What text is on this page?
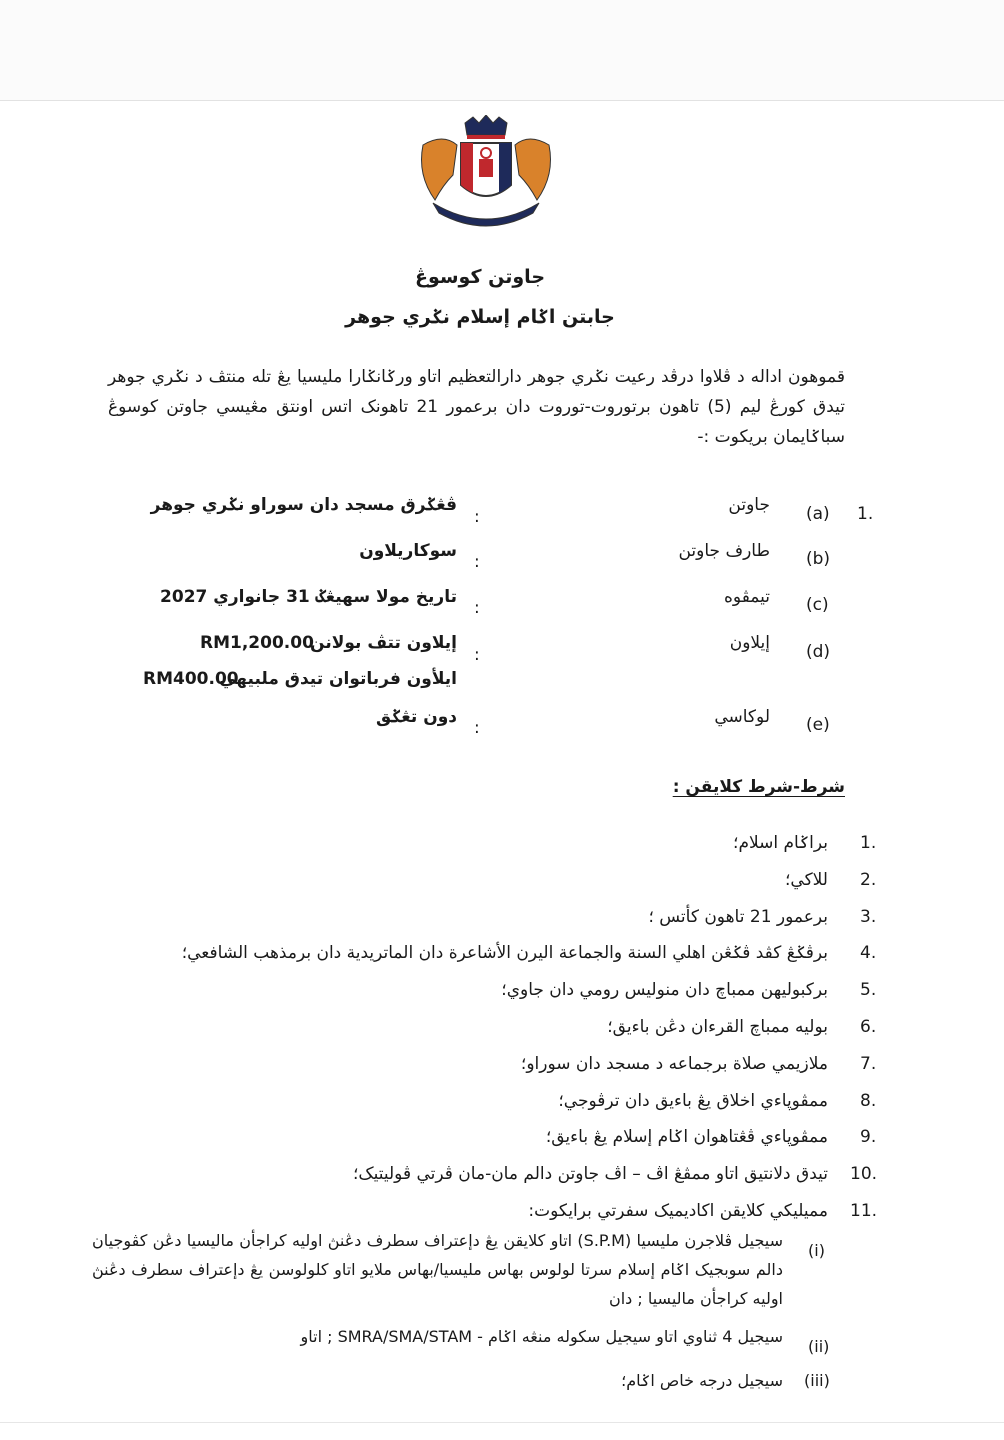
جاوتن کوسوڠ
جابتن اݢام إسلام نݢري جوهر
قموهون اداله د ڤلاوا درڤد رعيت نݢري جوهر دارالتعظيم اتاو ورݢانݢارا مليسيا يڠ تله منتڤ د نݢري جوهر تيدق کورڠ ليم (5) تاهون برتوروت-توروت دان برعمور 21 تاهونک اتس اونتق مڠيسي جاوتن کوسوڠ سباݢايمان بريکوت :-
1.
(a)
جاوتن
:
ڤڠݢرق مسجد دان سوراو نݢري جوهر
(b)
طارف جاوتن
:
سوکاريلاون
(c)
تيمڤوه
:
تاريخ مولا سهيڠݢ 31 جانواري 2027
(d)
إيلاون
:
إيلاون تتڤ بولانن
RM1,200.00
ايلأون فرباتوان تيدق ملبيهي
RM400.00
(e)
لوکاسي
:
دون تڠݢق
شرط-شرط کلايقن :
1.
براݢام اسلام؛
2.
للاکي؛
3.
برعمور 21 تاهون کأتس ؛
4.
برڤݢڠ کڤد ڤݢڠن اهلي السنة والجماعة اليرن الأشاعرة دان الماتريدية دان برمذهب الشافعي؛
5.
برکبوليهن ممباچ دان منوليس رومي دان جاوي؛
6.
بوليه ممباچ القرءان دڠن باءيق؛
7.
ملازيمي صلاة برجماعه د مسجد دان سوراو؛
8.
ممڤوڽاءي اخلاق يڠ باءيق دان ترڤوجي؛
9.
ممڤوڽاءي ڤڠتاهوان اݢام إسلام يڠ باءيق؛
10.
تيدق دلانتيق اتاو ممڤڠ اڤ – اڤ جاوتن دالم مان-مان ڤرتي ڤوليتيک؛
11.
مميليکي کلايقن اکاديميک سفرتي برايکوت:
(i)
سيجيل ڤلاجرن مليسيا (S.P.M) اتاو کلايقن يڠ دإعتراف سطرف دڠنڽ اوليه کراجأن ماليسيا دڠن کڤوجيان دالم سوبجيک اݢام إسلام سرتا لولوس بهاس مليسيا/بهاس ملايو اتاو کلولوسن يڠ دإعتراف سطرف دڠنڽ اوليه کراجأن ماليسيا ; دان
(ii)
سيجيل 4 ثناوي اتاو سيجيل سکوله منڠه اݢام - SMRA/SMA/STAM ; اتاو
(iii)
سيجيل درجه خاص اݢام؛
